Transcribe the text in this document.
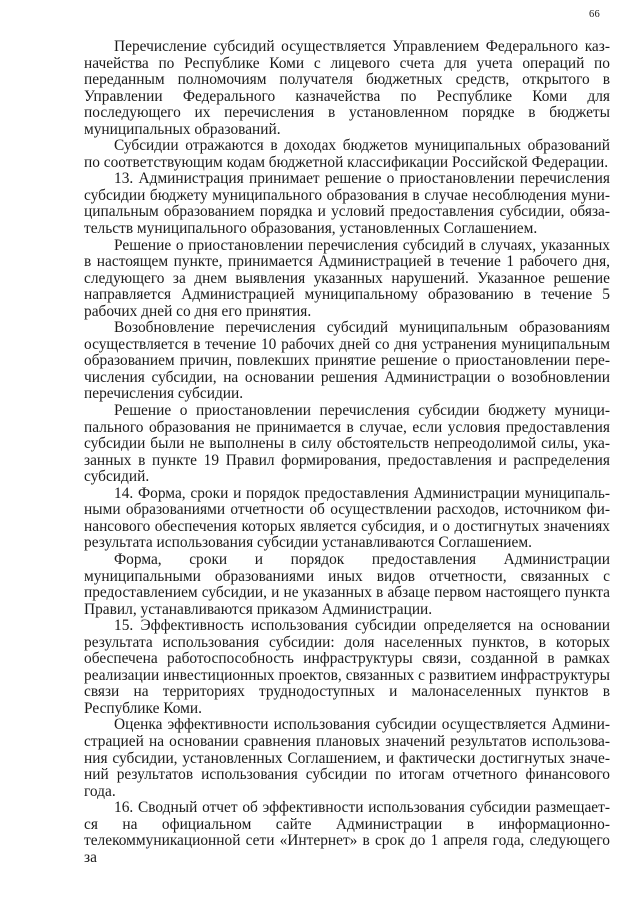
66

Перечисление субсидий осуществляется Управлением Федерального казначейства по Республике Коми с лицевого счета для учета операций по переданным полномочиям получателя бюджетных средств, открытого в Управлении Федерального казначейства по Республике Коми для последующего их перечисления в установленном порядке в бюджеты муниципальных образований.

Субсидии отражаются в доходах бюджетов муниципальных образований по соответствующим кодам бюджетной классификации Российской Федерации.

13. Администрация принимает решение о приостановлении перечисления субсидии бюджету муниципального образования в случае несоблюдения муниципальным образованием порядка и условий предоставления субсидии, обязательств муниципального образования, установленных Соглашением.

Решение о приостановлении перечисления субсидий в случаях, указанных в настоящем пункте, принимается Администрацией в течение 1 рабочего дня, следующего за днем выявления указанных нарушений. Указанное решение направляется Администрацией муниципальному образованию в течение 5 рабочих дней со дня его принятия.

Возобновление перечисления субсидий муниципальным образованиям осуществляется в течение 10 рабочих дней со дня устранения муниципальным образованием причин, повлекших принятие решение о приостановлении перечисления субсидии, на основании решения Администрации о возобновлении перечисления субсидии.

Решение о приостановлении перечисления субсидии бюджету муниципального образования не принимается в случае, если условия предоставления субсидии были не выполнены в силу обстоятельств непреодолимой силы, указанных в пункте 19 Правил формирования, предоставления и распределения субсидий.

14. Форма, сроки и порядок предоставления Администрации муниципальными образованиями отчетности об осуществлении расходов, источником финансового обеспечения которых является субсидия, и о достигнутых значениях результата использования субсидии устанавливаются Соглашением.

Форма, сроки и порядок предоставления Администрации муниципальными образованиями иных видов отчетности, связанных с предоставлением субсидии, и не указанных в абзаце первом настоящего пункта Правил, устанавливаются приказом Администрации.

15. Эффективность использования субсидии определяется на основании результата использования субсидии: доля населенных пунктов, в которых обеспечена работоспособность инфраструктуры связи, созданной в рамках реализации инвестиционных проектов, связанных с развитием инфраструктуры связи на территориях труднодоступных и малонаселенных пунктов в Республике Коми.

Оценка эффективности использования субсидии осуществляется Администрацией на основании сравнения плановых значений результатов использования субсидии, установленных Соглашением, и фактически достигнутых значений результатов использования субсидии по итогам отчетного финансового года.

16. Сводный отчет об эффективности использования субсидии размещается на официальном сайте Администрации в информационно-телекоммуникационной сети «Интернет» в срок до 1 апреля года, следующего за
